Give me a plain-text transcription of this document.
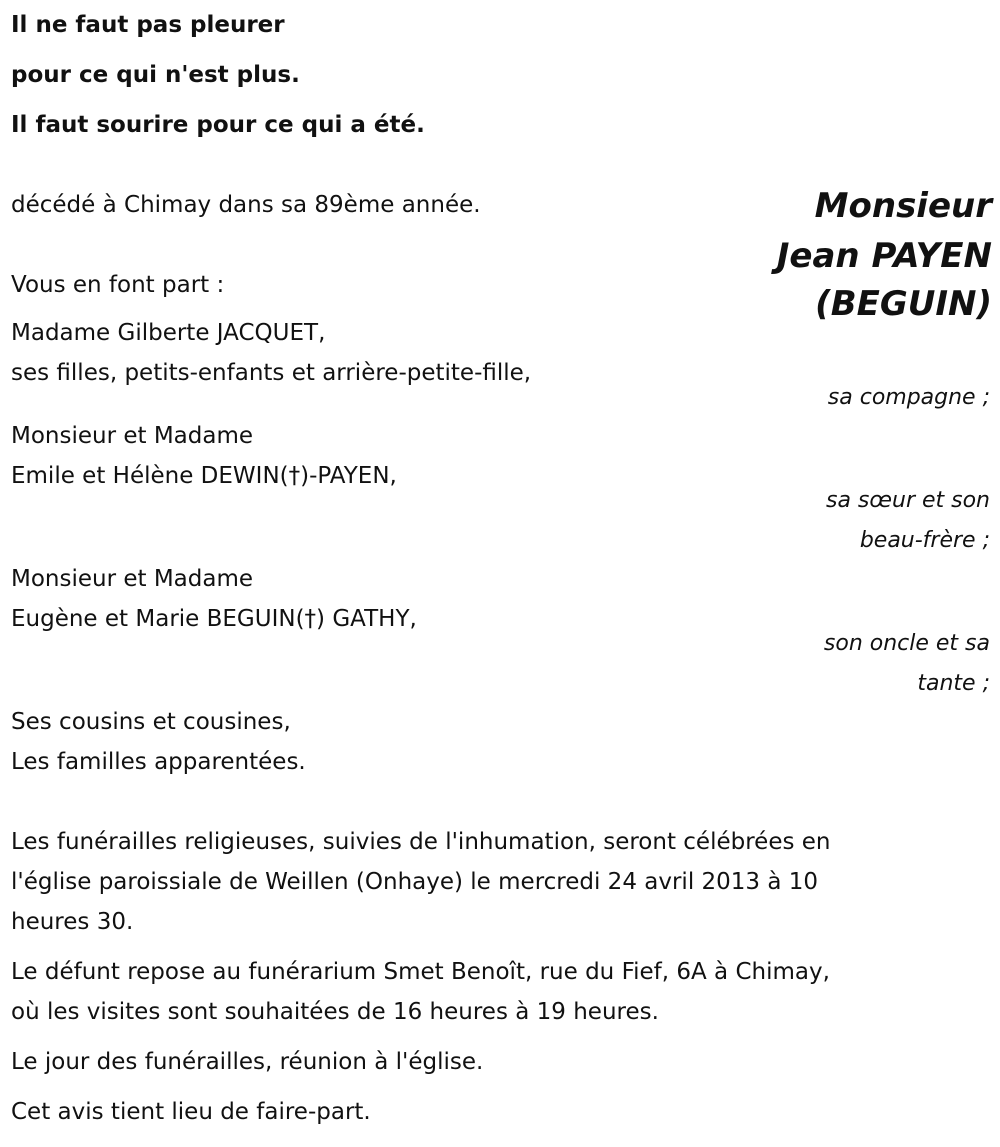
Il ne faut pas pleurer
pour ce qui n'est plus.
Il faut sourire pour ce qui a été.
Monsieur
Jean PAYEN
(BEGUIN)
décédé à Chimay dans sa 89ème année.
Vous en font part :
Madame Gilberte JACQUET,
ses filles, petits-enfants et arrière-petite-fille,
sa compagne ;
Monsieur et Madame
Emile et Hélène DEWIN(†)-PAYEN,
sa sœur et son
beau-frère ;
Monsieur et Madame
Eugène et Marie BEGUIN(†) GATHY,
son oncle et sa
tante ;
Ses cousins et cousines,
Les familles apparentées.
Les funérailles religieuses, suivies de l'inhumation, seront célébrées en
l'église paroissiale de Weillen (Onhaye) le mercredi 24 avril 2013 à 10
heures 30.
Le défunt repose au funérarium Smet Benoît, rue du Fief, 6A à Chimay,
où les visites sont souhaitées de 16 heures à 19 heures.
Le jour des funérailles, réunion à l'église.
Cet avis tient lieu de faire-part.
